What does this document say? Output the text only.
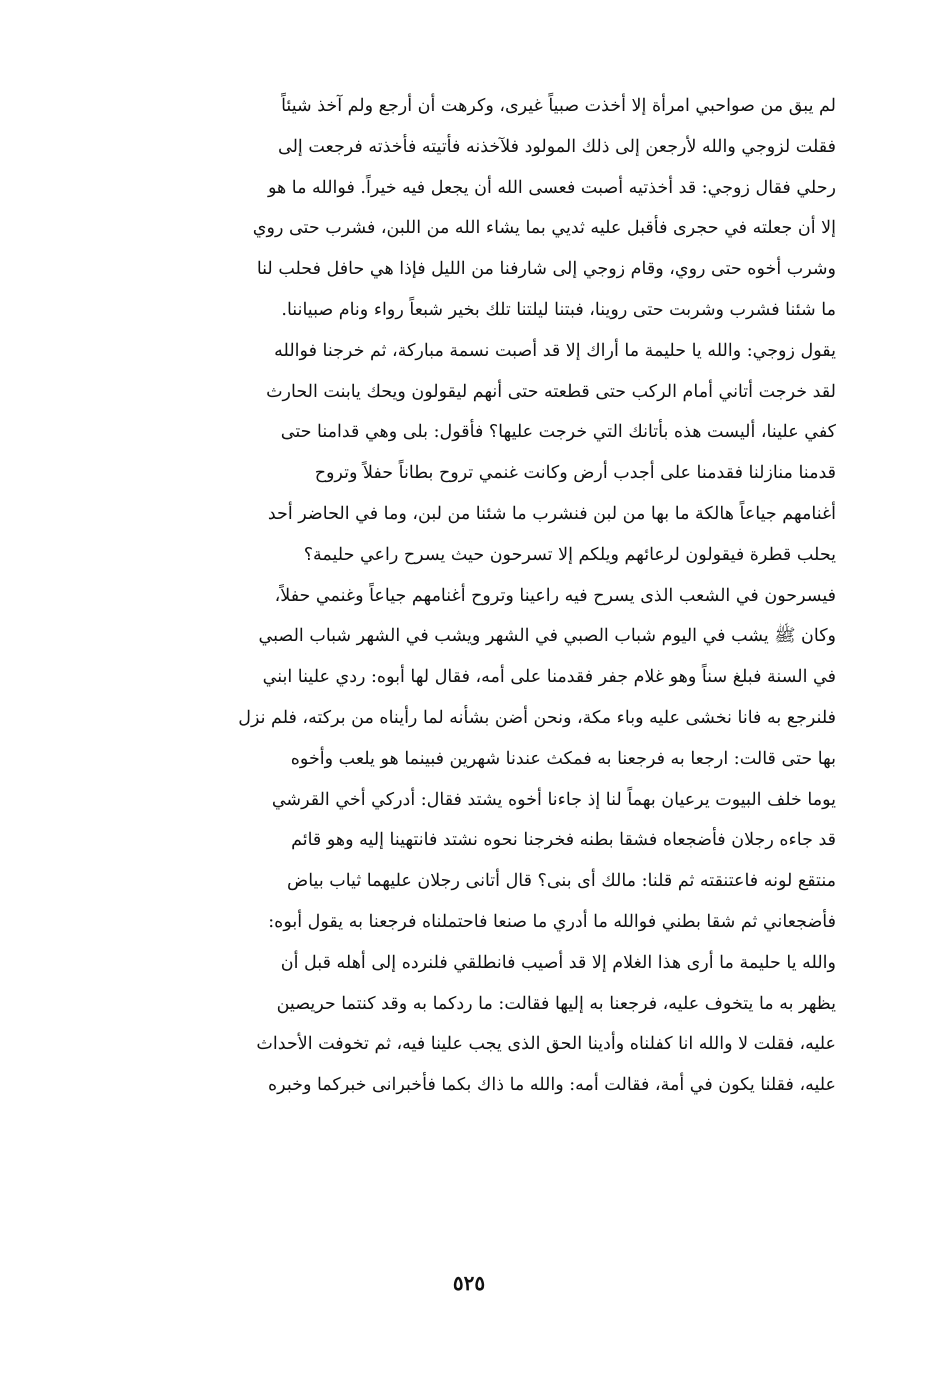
لم يبق من صواحبي امرأة إلا أخذت صبياً غيرى، وكرهت أن أرجع ولم آخذ شيئاً
فقلت لزوجي والله لأرجعن إلى ذلك المولود فلآخذنه فأتيته فأخذته فرجعت إلى
رحلي فقال زوجي: قد أخذتيه أصبت فعسى الله أن يجعل فيه خيراً. فوالله ما هو
إلا أن جعلته في حجرى فأقبل عليه ثديي بما يشاء الله من اللبن، فشرب حتى روي
وشرب أخوه حتى روي، وقام زوجي إلى شارفنا من الليل فإذا هي حافل فحلب لنا
ما شئنا فشرب وشربت حتى روينا، فبتنا ليلتنا تلك بخير شبعاً رواء ونام صبياننا.
يقول زوجي: والله يا حليمة ما أراك إلا قد أصبت نسمة مباركة، ثم خرجنا فوالله
لقد خرجت أتاني أمام الركب حتى قطعته حتى أنهم ليقولون ويحك يابنت الحارث
كفي علينا، أليست هذه بأتانك التي خرجت عليها؟ فأقول: بلى وهي قدامنا حتى
قدمنا منازلنا فقدمنا على أجدب أرض وكانت غنمي تروح بطاناً حفلاً وتروح
أغنامهم جياعاً هالكة ما بها من لبن فنشرب ما شئنا من لبن، وما في الحاضر أحد
يحلب قطرة فيقولون لرعائهم ويلكم إلا تسرحون حيث يسرح راعي حليمة؟
فيسرحون في الشعب الذى يسرح فيه راعينا وتروح أغنامهم جياعاً وغنمي حفلاً،
وكان ﷺ يشب في اليوم شباب الصبي في الشهر ويشب في الشهر شباب الصبي
في السنة فبلغ سناً وهو غلام جفر فقدمنا على أمه، فقال لها أبوه: ردي علينا ابني
فلنرجع به فانا نخشى عليه وباء مكة، ونحن أضن بشأنه لما رأيناه من بركته، فلم نزل
بها حتى قالت: ارجعا به فرجعنا به فمكث عندنا شهرين فبينما هو يلعب وأخوه
يوما خلف البيوت يرعيان بهماً لنا إذ جاءنا أخوه يشتد فقال: أدركي أخي القرشي
قد جاءه رجلان فأضجعاه فشقا بطنه فخرجنا نحوه نشتد فانتهينا إليه وهو قائم
منتقع لونه فاعتنقته ثم قلنا: مالك أى بنى؟ قال أتانى رجلان عليهما ثياب بياض
فأضجعاني ثم شقا بطني فوالله ما أدري ما صنعا فاحتملناه فرجعنا به يقول أبوه:
والله يا حليمة ما أرى هذا الغلام إلا قد أصيب فانطلقي فلنرده إلى أهله قبل أن
يظهر به ما يتخوف عليه، فرجعنا به إليها فقالت: ما ردكما به وقد كنتما حريصين
عليه، فقلت لا والله انا كفلناه وأدينا الحق الذى يجب علينا فيه، ثم تخوفت الأحداث
عليه، فقلنا يكون في أمة، فقالت أمه: والله ما ذاك بكما فأخبرانى خبركما وخبره
٥٢٥
